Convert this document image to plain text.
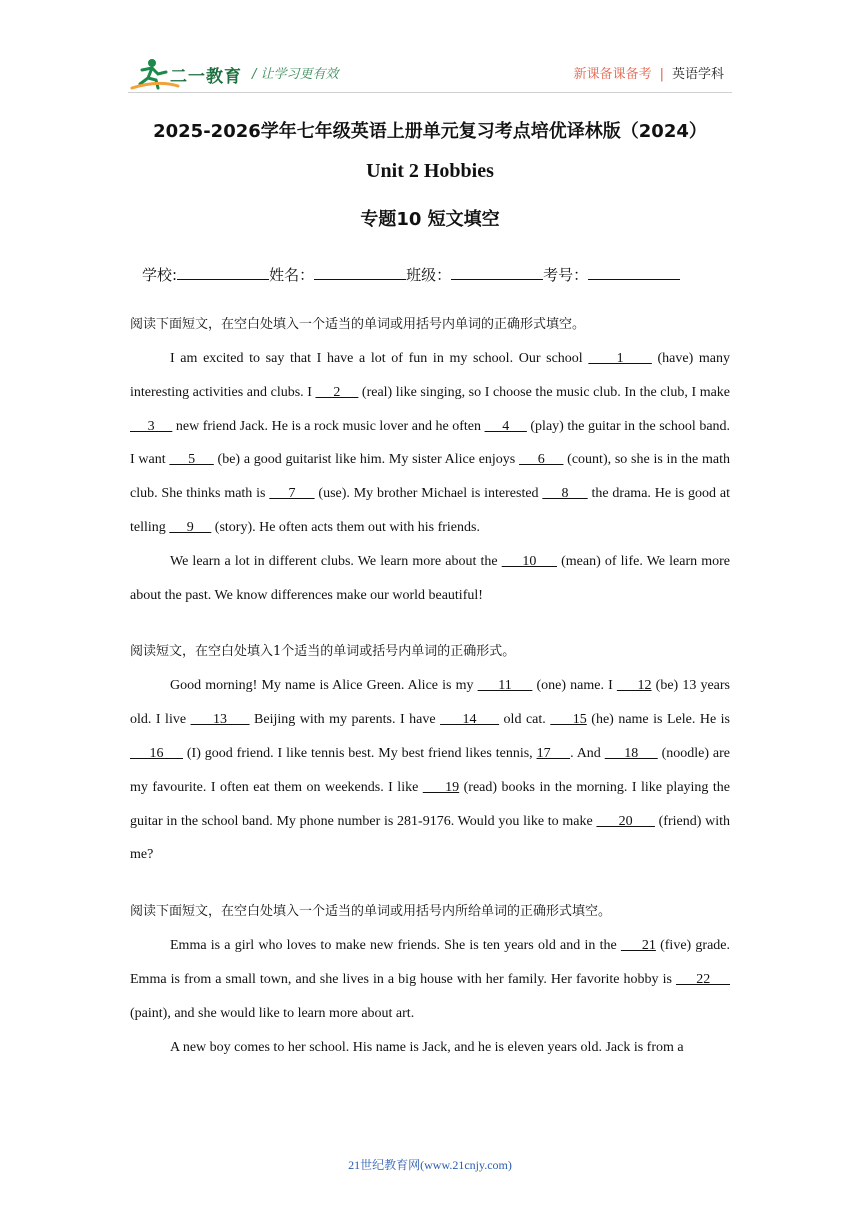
二一教育 / 让学习更有效	新课备课备考 | 英语学科
2025-2026学年七年级英语上册单元复习考点培优译林版（2024）
Unit 2 Hobbies
专题10 短文填空
学校:	姓名：	班级：	考号：
阅读下面短文，在空白处填入一个适当的单词或用括号内单词的正确形式填空。

I am excited to say that I have a lot of fun in my school. Our school      1      (have) many interesting activities and clubs. I      2      (real) like singing, so I choose the music club. In the club, I make      3      new friend Jack. He is a rock music lover and he often      4      (play) the guitar in the school band. I want      5      (be) a good guitarist like him. My sister Alice enjoys      6      (count), so she is in the math club. She thinks math is      7      (use). My brother Michael is interested      8      the drama. He is good at telling      9      (story). He often acts them out with his friends.

We learn a lot in different clubs. We learn more about the      10      (mean) of life. We learn more about the past. We know differences make our world beautiful!

阅读短文，在空白处填入1个适当的单词或括号内单词的正确形式。

Good morning! My name is Alice Green. Alice is my      11      (one) name. I      12 (be) 13 years old. I live      13      Beijing with my parents. I have      14      old cat.      15 (he) name is Lele. He is      16      (I) good friend. I like tennis best. My best friend likes tennis, 17     . And      18      (noodle) are my favourite. I often eat them on weekends. I like      19 (read) books in the morning. I like playing the guitar in the school band. My phone number is 281-9176. Would you like to make       20       (friend) with me?

阅读下面短文，在空白处填入一个适当的单词或用括号内所给单词的正确形式填空。

Emma is a girl who loves to make new friends. She is ten years old and in the      21 (five) grade. Emma is from a small town, and she lives in a big house with her family. Her favorite hobby is      22      (paint), and she would like to learn more about art.

A new boy comes to her school. His name is Jack, and he is eleven years old. Jack is from a

21世纪教育网(www.21cnjy.com)
